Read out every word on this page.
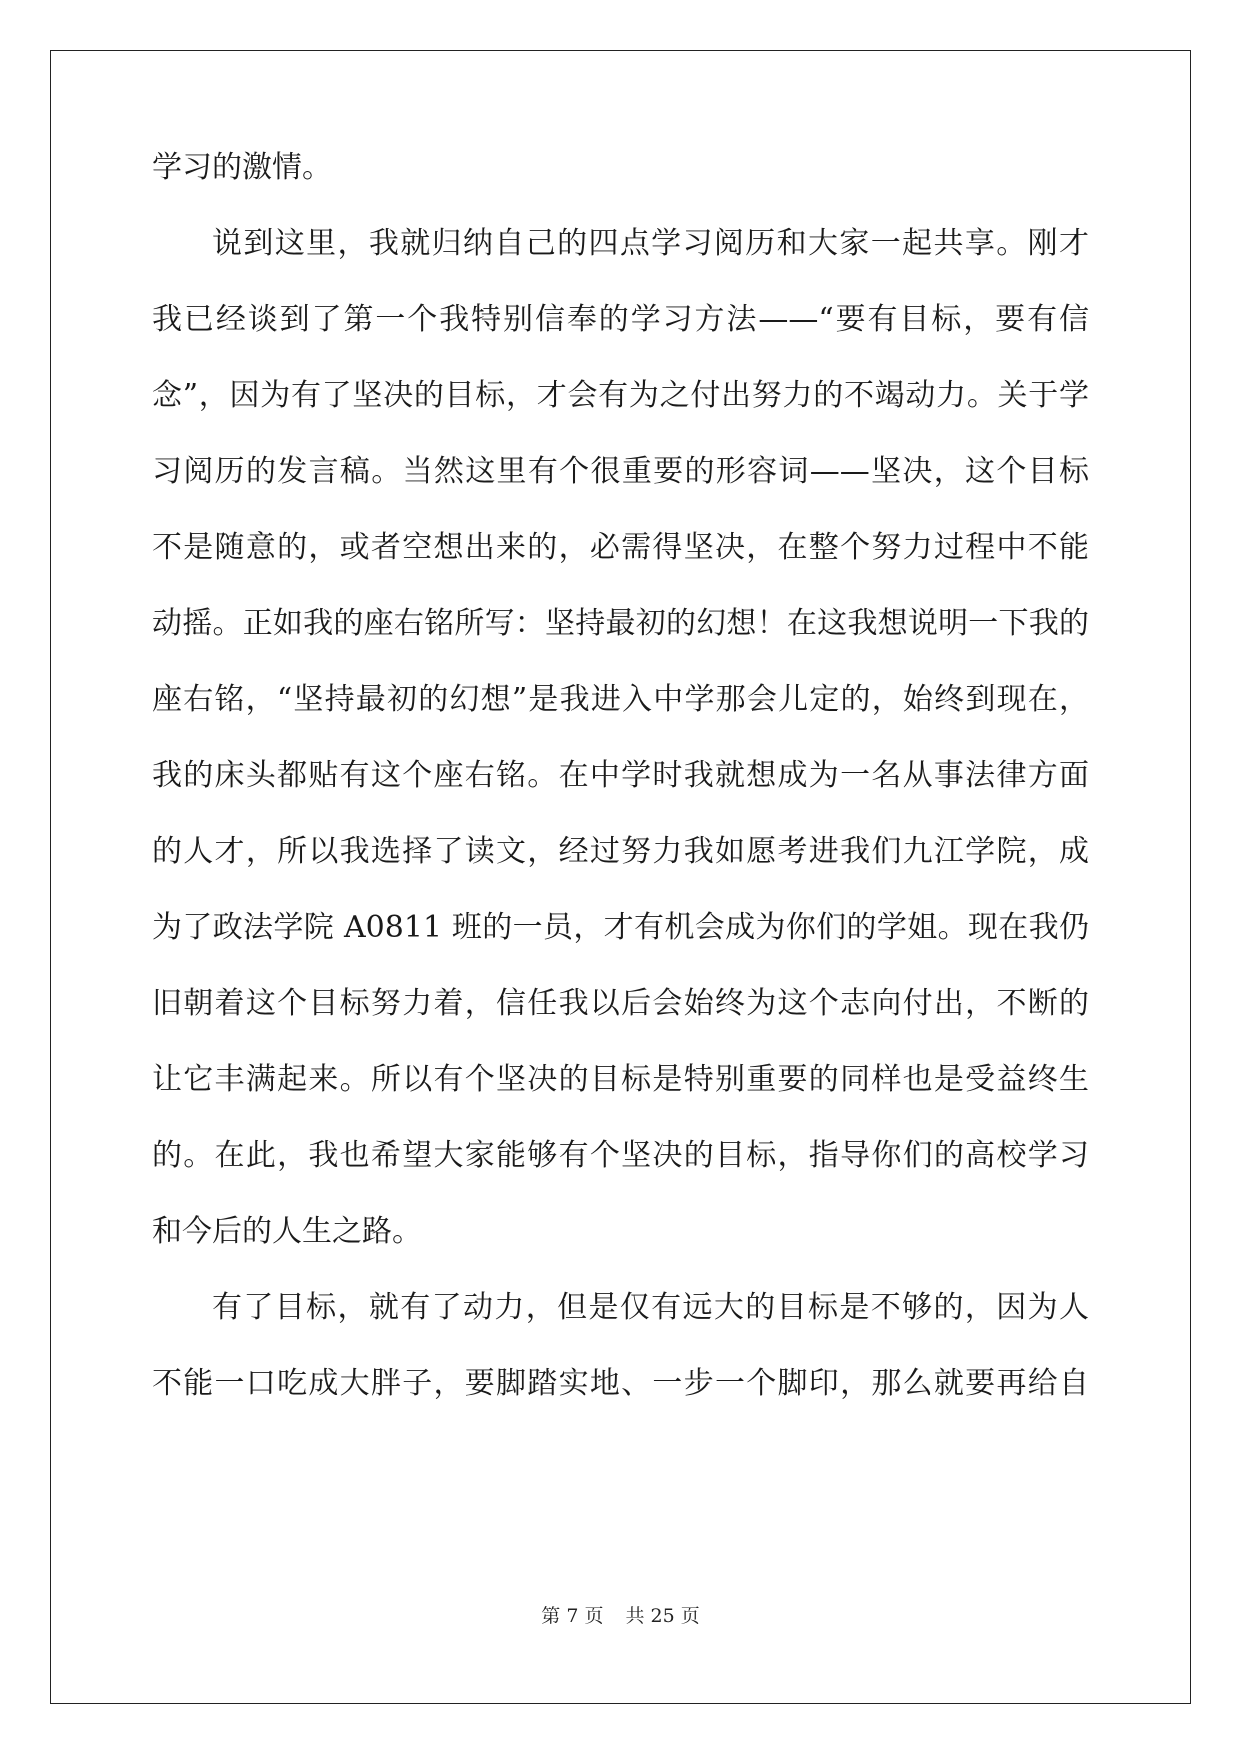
学习的激情。
说到这里，我就归纳自己的四点学习阅历和大家一起共享。刚才
我已经谈到了第一个我特别信奉的学习方法——“要有目标，要有信
念”，因为有了坚决的目标，才会有为之付出努力的不竭动力。关于学
习阅历的发言稿。当然这里有个很重要的形容词——坚决，这个目标
不是随意的，或者空想出来的，必需得坚决，在整个努力过程中不能
动摇。正如我的座右铭所写：坚持最初的幻想！在这我想说明一下我的
座右铭，“坚持最初的幻想”是我进入中学那会儿定的，始终到现在，
我的床头都贴有这个座右铭。在中学时我就想成为一名从事法律方面
的人才，所以我选择了读文，经过努力我如愿考进我们九江学院，成
为了政法学院 A0811 班的一员，才有机会成为你们的学姐。现在我仍
旧朝着这个目标努力着，信任我以后会始终为这个志向付出，不断的
让它丰满起来。所以有个坚决的目标是特别重要的同样也是受益终生
的。在此，我也希望大家能够有个坚决的目标，指导你们的高校学习
和今后的人生之路。
有了目标，就有了动力，但是仅有远大的目标是不够的，因为人
不能一口吃成大胖子，要脚踏实地、一步一个脚印，那么就要再给自
第 7 页 共 25 页
